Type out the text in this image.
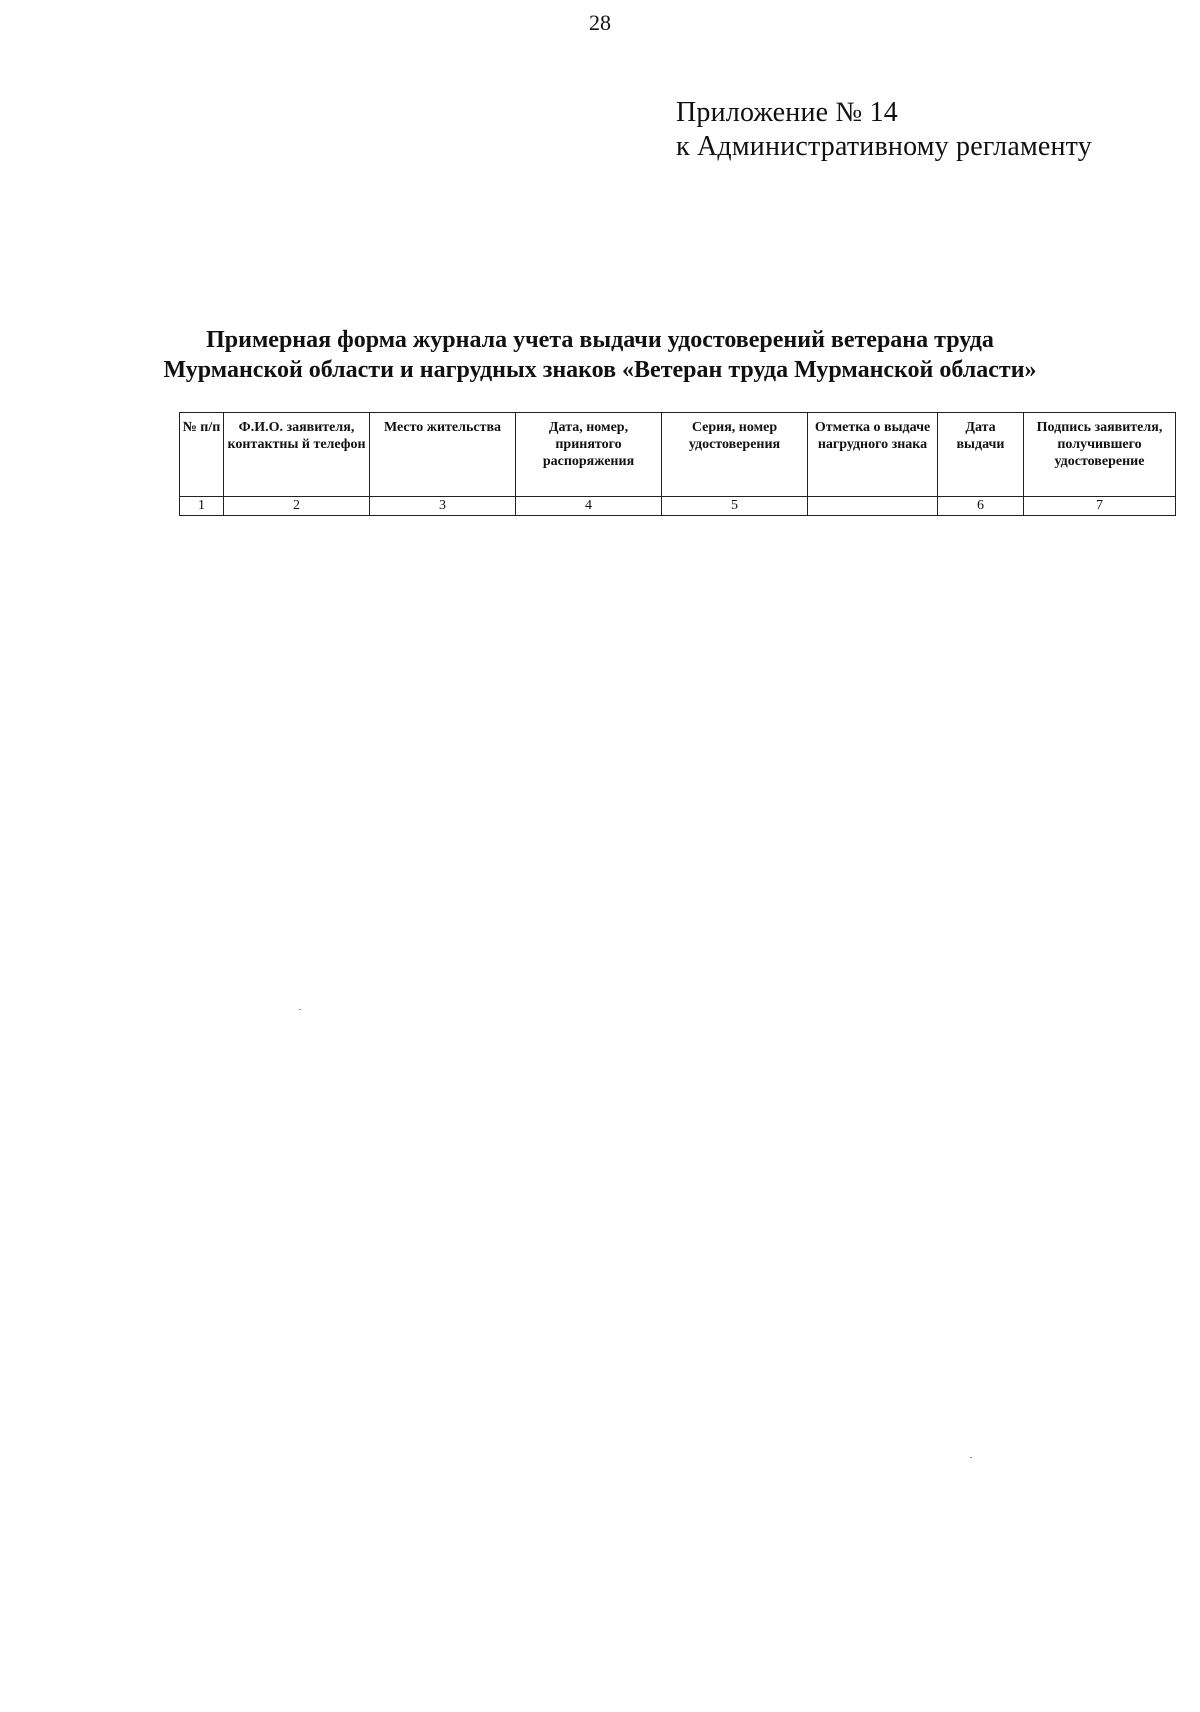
28
Приложение № 14
к Административному регламенту
Примерная форма журнала учета выдачи удостоверений ветерана труда
Мурманской области и нагрудных знаков «Ветеран труда Мурманской области»
№ п/п	Ф.И.О. заявителя, контактны й телефон	Место жительства	Дата, номер, принятого распоряжения	Серия, номер удостоверения	Отметка о выдаче нагрудного знака	Дата выдачи	Подпись заявителя, получившего удостоверение
1	2	3	4	5		6	7
